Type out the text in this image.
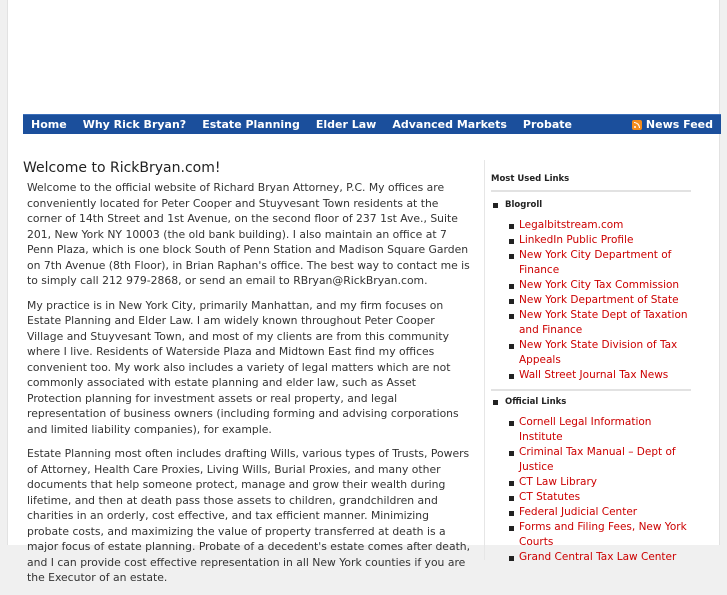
Home	Why Rick Bryan?	Estate Planning	Elder Law	Advanced Markets	Probate	News Feed
Welcome to RickBryan.com!

Welcome to the official website of Richard Bryan Attorney, P.C. My offices are conveniently located for Peter Cooper and Stuyvesant Town residents at the corner of 14th Street and 1st Avenue, on the second floor of 237 1st Ave., Suite 201, New York NY 10003 (the old bank building). I also maintain an office at 7 Penn Plaza, which is one block South of Penn Station and Madison Square Garden on 7th Avenue (8th Floor), in Brian Raphan's office. The best way to contact me is to simply call 212 979-2868, or send an email to RBryan@RickBryan.com.

My practice is in New York City, primarily Manhattan, and my firm focuses on Estate Planning and Elder Law. I am widely known throughout Peter Cooper Village and Stuyvesant Town, and most of my clients are from this community where I live. Residents of Waterside Plaza and Midtown East find my offices convenient too. My work also includes a variety of legal matters which are not commonly associated with estate planning and elder law, such as Asset Protection planning for investment assets or real property, and legal representation of business owners (including forming and advising corporations and limited liability companies), for example.

Estate Planning most often includes drafting Wills, various types of Trusts, Powers of Attorney, Health Care Proxies, Living Wills, Burial Proxies, and many other documents that help someone protect, manage and grow their wealth during lifetime, and then at death pass those assets to children, grandchildren and charities in an orderly, cost effective, and tax efficient manner. Minimizing probate costs, and maximizing the value of property transferred at death is a major focus of estate planning. Probate of a decedent's estate comes after death, and I can provide cost effective representation in all New York counties if you are the Executor of an estate.

Most Used Links
Blogroll
Legalbitstream.com
LinkedIn Public Profile
New York City Department of Finance
New York City Tax Commission
New York Department of State
New York State Dept of Taxation and Finance
New York State Division of Tax Appeals
Wall Street Journal Tax News
Official Links
Cornell Legal Information Institute
Criminal Tax Manual – Dept of Justice
CT Law Library
CT Statutes
Federal Judicial Center
Forms and Filing Fees, New York Courts
Grand Central Tax Law Center
